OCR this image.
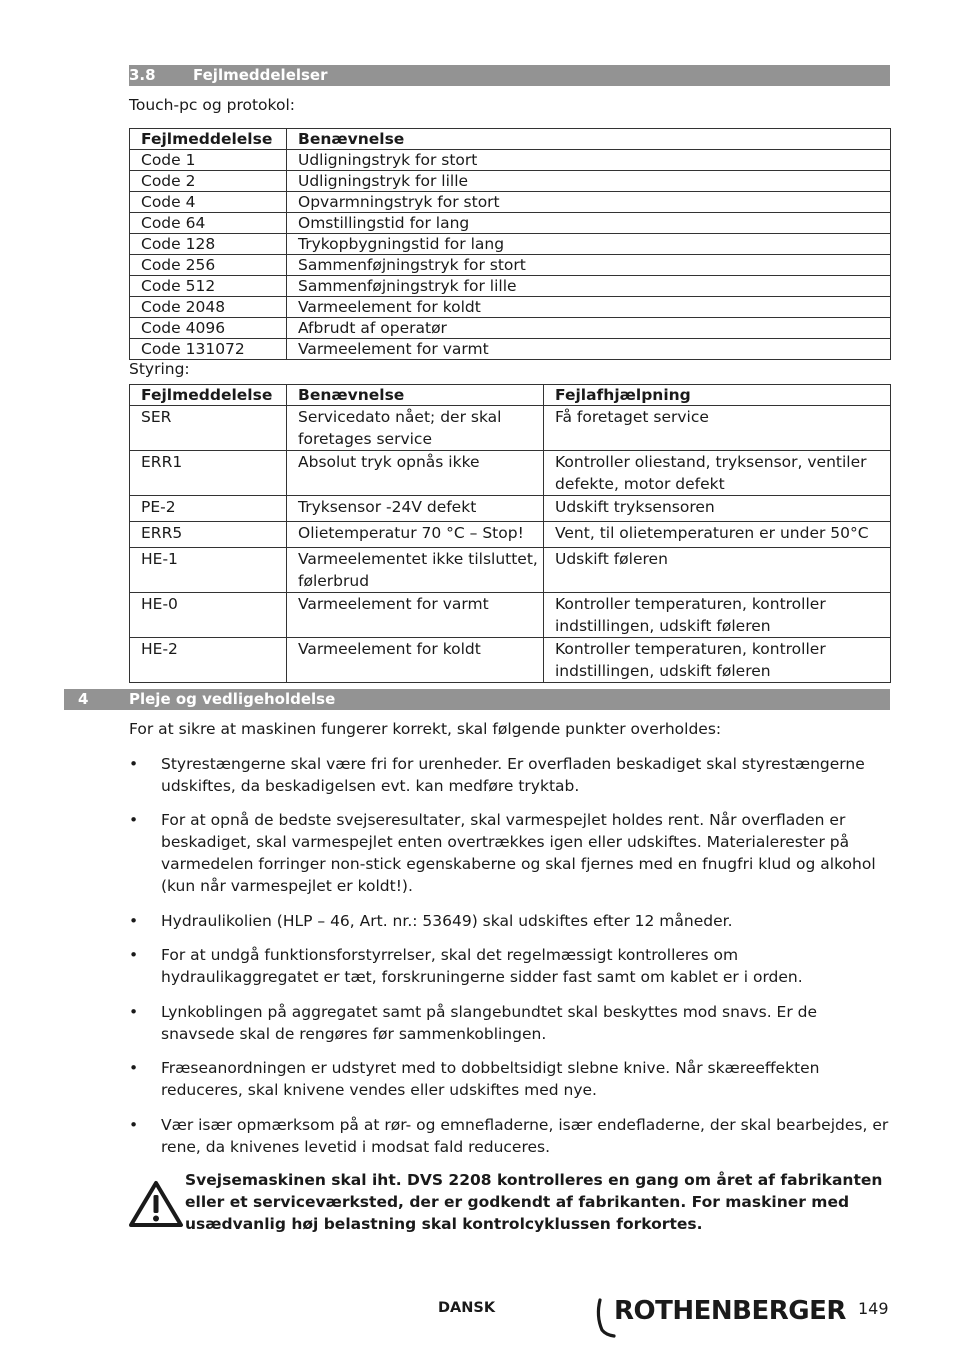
3.8 Fejlmeddelelser

Touch-pc og protokol:

Fejlmeddelelse	Benævnelse
Code 1	Udligningstryk for stort
Code 2	Udligningstryk for lille
Code 4	Opvarmningstryk for stort
Code 64	Omstillingstid for lang
Code 128	Trykopbygningstid for lang
Code 256	Sammenføjningstryk for stort
Code 512	Sammenføjningstryk for lille
Code 2048	Varmeelement for koldt
Code 4096	Afbrudt af operatør
Code 131072	Varmeelement for varmt

Styring:

Fejlmeddelelse	Benævnelse	Fejlafhjælpning
SER	Servicedato nået; der skal foretages service	Få foretaget service
ERR1	Absolut tryk opnås ikke	Kontroller oliestand, tryksensor, ventiler defekte, motor defekt
PE-2	Tryksensor -24V defekt	Udskift tryksensoren
ERR5	Olietemperatur 70 °C – Stop!	Vent, til olietemperaturen er under 50°C
HE-1	Varmeelementet ikke tilsluttet, følerbrud	Udskift føleren
HE-0	Varmeelement for varmt	Kontroller temperaturen, kontroller indstillingen, udskift føleren
HE-2	Varmeelement for koldt	Kontroller temperaturen, kontroller indstillingen, udskift føleren
4	Pleje og vedligeholdelse

For at sikre at maskinen fungerer korrekt, skal følgende punkter overholdes:

• Styrestængerne skal være fri for urenheder. Er overfladen beskadiget skal styrestængerne udskiftes, da beskadigelsen evt. kan medføre tryktab.
• For at opnå de bedste svejseresultater, skal varmespejlet holdes rent. Når overfladen er beskadiget, skal varmespejlet enten overtrækkes igen eller udskiftes. Materialerester på varmedelen forringer non-stick egenskaberne og skal fjernes med en fnugfri klud og alkohol (kun når varmespejlet er koldt!).
• Hydraulikolien (HLP – 46, Art. nr.: 53649) skal udskiftes efter 12 måneder.
• For at undgå funktionsforstyrrelser, skal det regelmæssigt kontrolleres om hydraulikaggregatet er tæt, forskruningerne sidder fast samt om kablet er i orden.
• Lynkoblingen på aggregatet samt på slangebundtet skal beskyttes mod snavs. Er de snavsede skal de rengøres før sammenkoblingen.
• Fræseanordningen er udstyret med to dobbeltsidigt slebne knive. Når skæreeffekten reduceres, skal knivene vendes eller udskiftes med nye.
• Vær især opmærksom på at rør- og emnefladerne, især endefladerne, der skal bearbejdes, er rene, da knivenes levetid i modsat fald reduceres.
Svejsemaskinen skal iht. DVS 2208 kontrolleres en gang om året af fabrikanten eller et serviceværksted, der er godkendt af fabrikanten. For maskiner med usædvanlig høj belastning skal kontrolcyklussen forkortes.
DANSK	ROTHENBERGER 149
